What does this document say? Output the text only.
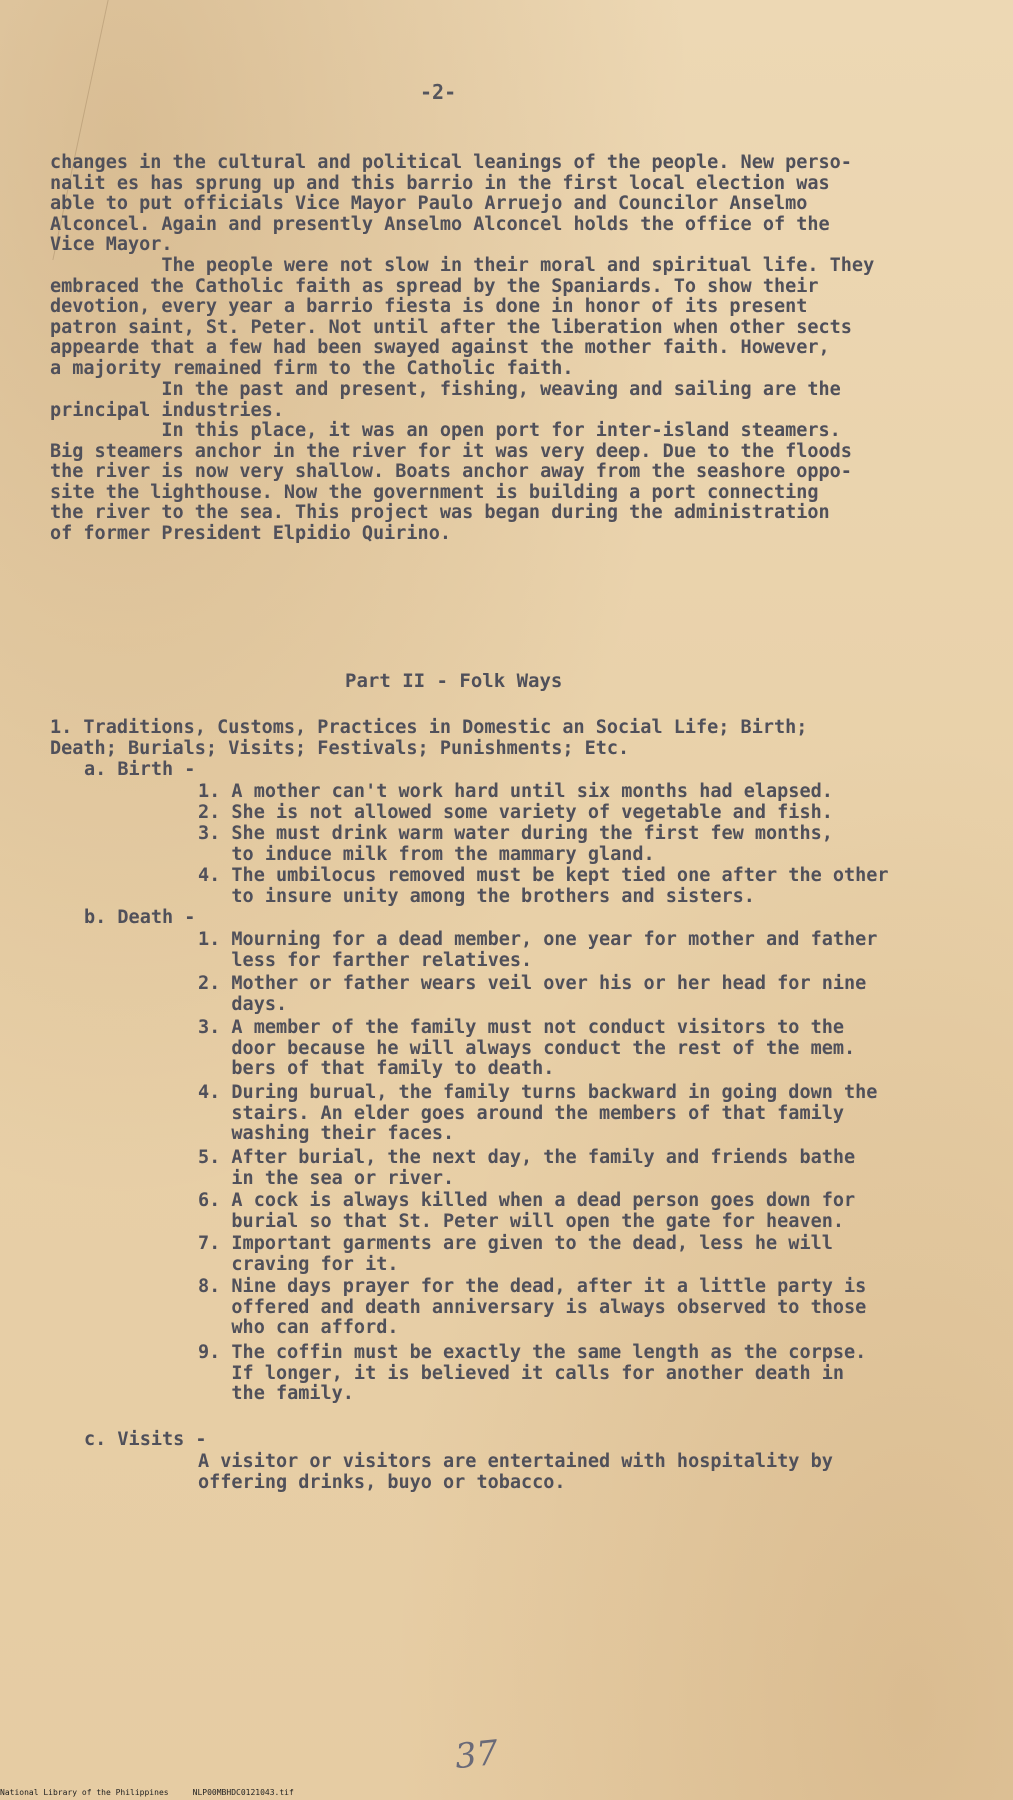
-2-
changes in the cultural and political leanings of the people. New perso-
nalit es has sprung up and this barrio in the first local election was
able to put officials Vice Mayor Paulo Arruejo and Councilor Anselmo
Alconcel. Again and presently Anselmo Alconcel holds the office of the
Vice Mayor.
The people were not slow in their moral and spiritual life. They
embraced the Catholic faith as spread by the Spaniards. To show their
devotion, every year a barrio fiesta is done in honor of its present
patron saint, St. Peter. Not until after the liberation when other sects
appearde that a few had been swayed against the mother faith. However,
a majority remained firm to the Catholic faith.
In the past and present, fishing, weaving and sailing are the
principal industries.
In this place, it was an open port for inter-island steamers.
Big steamers anchor in the river for it was very deep. Due to the floods
the river is now very shallow. Boats anchor away from the seashore oppo-
site the lighthouse. Now the government is building a port connecting
the river to the sea. This project was began during the administration
of former President Elpidio Quirino.
Part II - Folk Ways
1. Traditions, Customs, Practices in Domestic an Social Life; Birth;
Death; Burials; Visits; Festivals; Punishments; Etc.
a. Birth -
1. A mother can't work hard until six months had elapsed.
2. She is not allowed some variety of vegetable and fish.
3. She must drink warm water during the first few months,
to induce milk from the mammary gland.
4. The umbilocus removed must be kept tied one after the other
to insure unity among the brothers and sisters.
b. Death -
1. Mourning for a dead member, one year for mother and father
less for farther relatives.
2. Mother or father wears veil over his or her head for nine
days.
3. A member of the family must not conduct visitors to the
door because he will always conduct the rest of the mem.
bers of that family to death.
4. During burual, the family turns backward in going down the
stairs. An elder goes around the members of that family
washing their faces.
5. After burial, the next day, the family and friends bathe
in the sea or river.
6. A cock is always killed when a dead person goes down for
burial so that St. Peter will open the gate for heaven.
7. Important garments are given to the dead, less he will
craving for it.
8. Nine days prayer for the dead, after it a little party is
offered and death anniversary is always observed to those
who can afford.
9. The coffin must be exactly the same length as the corpse.
If longer, it is believed it calls for another death in
the family.
c. Visits -
A visitor or visitors are entertained with hospitality by
offering drinks, buyo or tobacco.
37
National Library of the Philippines     NLP00MBHDC0121043.tif
